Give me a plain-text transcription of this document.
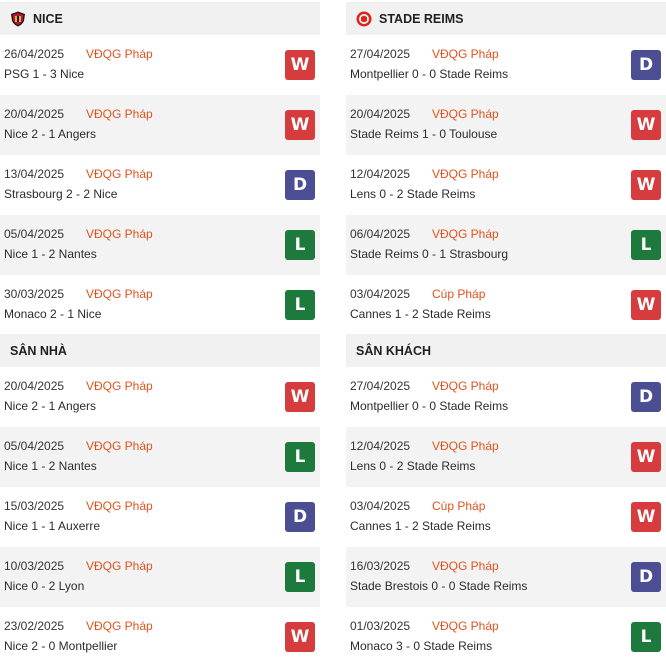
NICE
26/04/2025 VĐQG Pháp
PSG 1 - 3 Nice	W
20/04/2025 VĐQG Pháp
Nice 2 - 1 Angers	W
13/04/2025 VĐQG Pháp
Strasbourg 2 - 2 Nice	D
05/04/2025 VĐQG Pháp
Nice 1 - 2 Nantes	L
30/03/2025 VĐQG Pháp
Monaco 2 - 1 Nice	L
STADE REIMS
27/04/2025 VĐQG Pháp
Montpellier 0 - 0 Stade Reims	D
20/04/2025 VĐQG Pháp
Stade Reims 1 - 0 Toulouse	W
12/04/2025 VĐQG Pháp
Lens 0 - 2 Stade Reims	W
06/04/2025 VĐQG Pháp
Stade Reims 0 - 1 Strasbourg	L
03/04/2025 Cúp Pháp
Cannes 1 - 2 Stade Reims	W
SÂN NHÀ
20/04/2025 VĐQG Pháp
Nice 2 - 1 Angers	W
05/04/2025 VĐQG Pháp
Nice 1 - 2 Nantes	L
15/03/2025 VĐQG Pháp
Nice 1 - 1 Auxerre	D
10/03/2025 VĐQG Pháp
Nice 0 - 2 Lyon	L
23/02/2025 VĐQG Pháp
Nice 2 - 0 Montpellier	W
SÂN KHÁCH
27/04/2025 VĐQG Pháp
Montpellier 0 - 0 Stade Reims	D
12/04/2025 VĐQG Pháp
Lens 0 - 2 Stade Reims	W
03/04/2025 Cúp Pháp
Cannes 1 - 2 Stade Reims	W
16/03/2025 VĐQG Pháp
Stade Brestois 0 - 0 Stade Reims	D
01/03/2025 VĐQG Pháp
Monaco 3 - 0 Stade Reims	L
